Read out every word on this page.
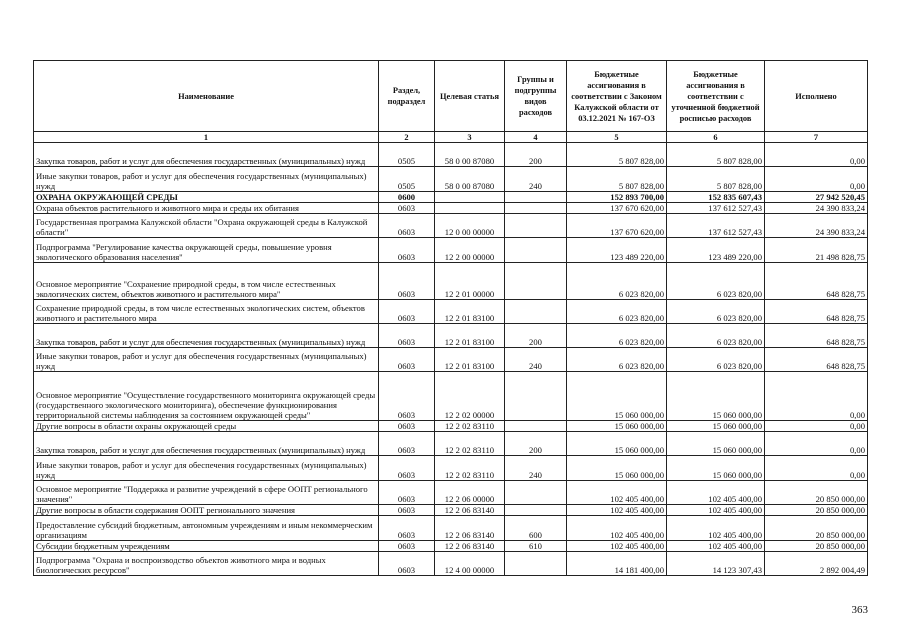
Наименование	Раздел, подраздел	Целевая статья	Группы и подгруппы видов расходов	Бюджетные ассигнования в соответствии с Законом Калужской области от 03.12.2021 № 167-ОЗ	Бюджетные ассигнования в соответствии с уточненной бюджетной росписью расходов	Исполнено
1	2	3	4	5	6	7
Закупка товаров, работ и услуг для обеспечения государственных (муниципальных) нужд	0505	58 0 00 87080	200	5 807 828,00	5 807 828,00	0,00
Иные закупки товаров, работ и услуг для обеспечения государственных (муниципальных) нужд	0505	58 0 00 87080	240	5 807 828,00	5 807 828,00	0,00
ОХРАНА ОКРУЖАЮЩЕЙ СРЕДЫ	0600			152 893 700,00	152 835 607,43	27 942 520,45
Охрана объектов растительного и животного мира и среды их обитания	0603			137 670 620,00	137 612 527,43	24 390 833,24
Государственная программа Калужской области "Охрана окружающей среды в Калужской области"	0603	12 0 00 00000		137 670 620,00	137 612 527,43	24 390 833,24
Подпрограмма "Регулирование качества окружающей среды, повышение уровня экологического образования населения"	0603	12 2 00 00000		123 489 220,00	123 489 220,00	21 498 828,75
Основное мероприятие "Сохранение природной среды, в том числе естественных экологических систем, объектов животного и растительного мира"	0603	12 2 01 00000		6 023 820,00	6 023 820,00	648 828,75
Сохранение природной среды, в том числе естественных экологических систем, объектов животного и растительного мира	0603	12 2 01 83100		6 023 820,00	6 023 820,00	648 828,75
Закупка товаров, работ и услуг для обеспечения государственных (муниципальных) нужд	0603	12 2 01 83100	200	6 023 820,00	6 023 820,00	648 828,75
Иные закупки товаров, работ и услуг для обеспечения государственных (муниципальных) нужд	0603	12 2 01 83100	240	6 023 820,00	6 023 820,00	648 828,75
Основное мероприятие "Осуществление государственного мониторинга окружающей среды (государственного экологического мониторинга), обеспечение функционирования территориальной системы наблюдения за состоянием окружающей среды"	0603	12 2 02 00000		15 060 000,00	15 060 000,00	0,00
Другие вопросы в области охраны окружающей среды	0603	12 2 02 83110		15 060 000,00	15 060 000,00	0,00
Закупка товаров, работ и услуг для обеспечения государственных (муниципальных) нужд	0603	12 2 02 83110	200	15 060 000,00	15 060 000,00	0,00
Иные закупки товаров, работ и услуг для обеспечения государственных (муниципальных) нужд	0603	12 2 02 83110	240	15 060 000,00	15 060 000,00	0,00
Основное мероприятие "Поддержка и развитие учреждений в сфере ООПТ регионального значения"	0603	12 2 06 00000		102 405 400,00	102 405 400,00	20 850 000,00
Другие вопросы в области содержания ООПТ регионального значения	0603	12 2 06 83140		102 405 400,00	102 405 400,00	20 850 000,00
Предоставление субсидий бюджетным, автономным учреждениям и иным некоммерческим организациям	0603	12 2 06 83140	600	102 405 400,00	102 405 400,00	20 850 000,00
Субсидии бюджетным учреждениям	0603	12 2 06 83140	610	102 405 400,00	102 405 400,00	20 850 000,00
Подпрограмма "Охрана и воспроизводство объектов животного мира и водных биологических ресурсов"	0603	12 4 00 00000		14 181 400,00	14 123 307,43	2 892 004,49
363
